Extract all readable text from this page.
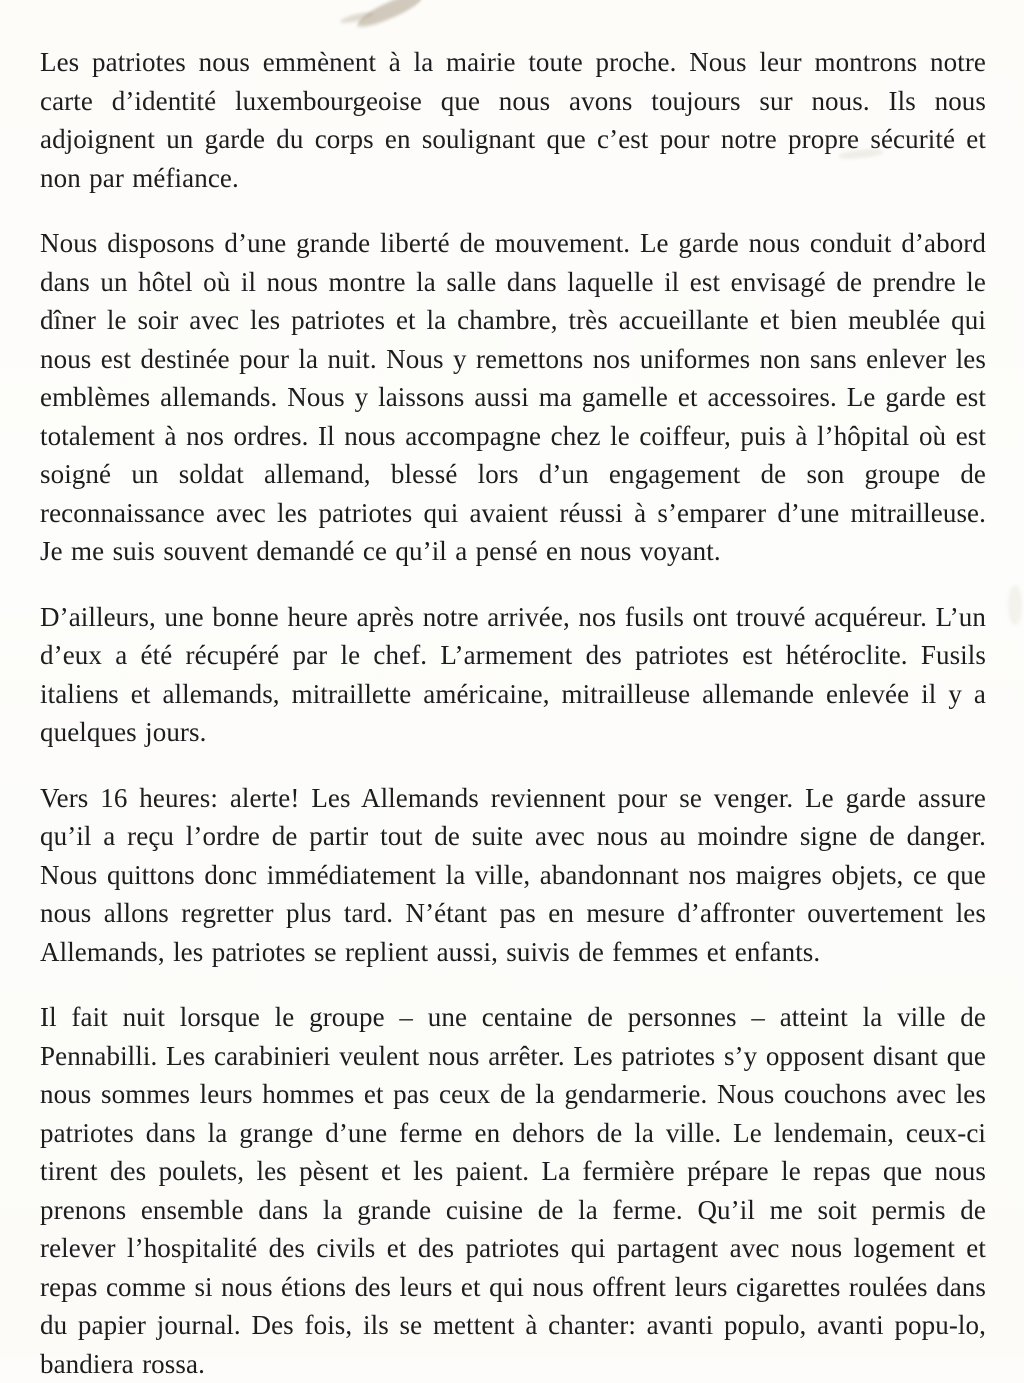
Les patriotes nous emmènent à la mairie toute proche. Nous leur montrons notre carte d’identité luxembourgeoise que nous avons toujours sur nous. Ils nous adjoignent un garde du corps en soulignant que c’est pour notre propre sécurité et non par méfiance.

Nous disposons d’une grande liberté de mouvement. Le garde nous conduit d’abord dans un hôtel où il nous montre la salle dans laquelle il est envisagé de prendre le dîner le soir avec les patriotes et la chambre, très accueillante et bien meublée qui nous est destinée pour la nuit. Nous y remettons nos uniformes non sans enlever les emblèmes allemands. Nous y laissons aussi ma gamelle et accessoires. Le garde est totalement à nos ordres. Il nous accompagne chez le coiffeur, puis à l’hôpital où est soigné un soldat allemand, blessé lors d’un engagement de son groupe de reconnaissance avec les patriotes qui avaient réussi à s’emparer d’une mitrailleuse. Je me suis souvent demandé ce qu’il a pensé en nous voyant.

D’ailleurs, une bonne heure après notre arrivée, nos fusils ont trouvé acquéreur. L’un d’eux a été récupéré par le chef. L’armement des patriotes est hétéroclite. Fusils italiens et allemands, mitraillette américaine, mitrailleuse allemande enlevée il y a quelques jours.

Vers 16 heures: alerte! Les Allemands reviennent pour se venger. Le garde assure qu’il a reçu l’ordre de partir tout de suite avec nous au moindre signe de danger. Nous quittons donc immédiatement la ville, abandonnant nos maigres objets, ce que nous allons regretter plus tard. N’étant pas en mesure d’affronter ouvertement les Allemands, les patriotes se replient aussi, suivis de femmes et enfants.

Il fait nuit lorsque le groupe – une centaine de personnes – atteint la ville de Pennabilli. Les carabinieri veulent nous arrêter. Les patriotes s’y opposent disant que nous sommes leurs hommes et pas ceux de la gendarmerie. Nous couchons avec les patriotes dans la grange d’une ferme en dehors de la ville. Le lendemain, ceux-ci tirent des poulets, les pèsent et les paient. La fermière prépare le repas que nous prenons ensemble dans la grande cuisine de la ferme. Qu’il me soit permis de relever l’hospitalité des civils et des patriotes qui partagent avec nous logement et repas comme si nous étions des leurs et qui nous offrent leurs cigarettes roulées dans du papier journal. Des fois, ils se mettent à chanter: avanti populo, avanti popu-lo, bandiera rossa.
